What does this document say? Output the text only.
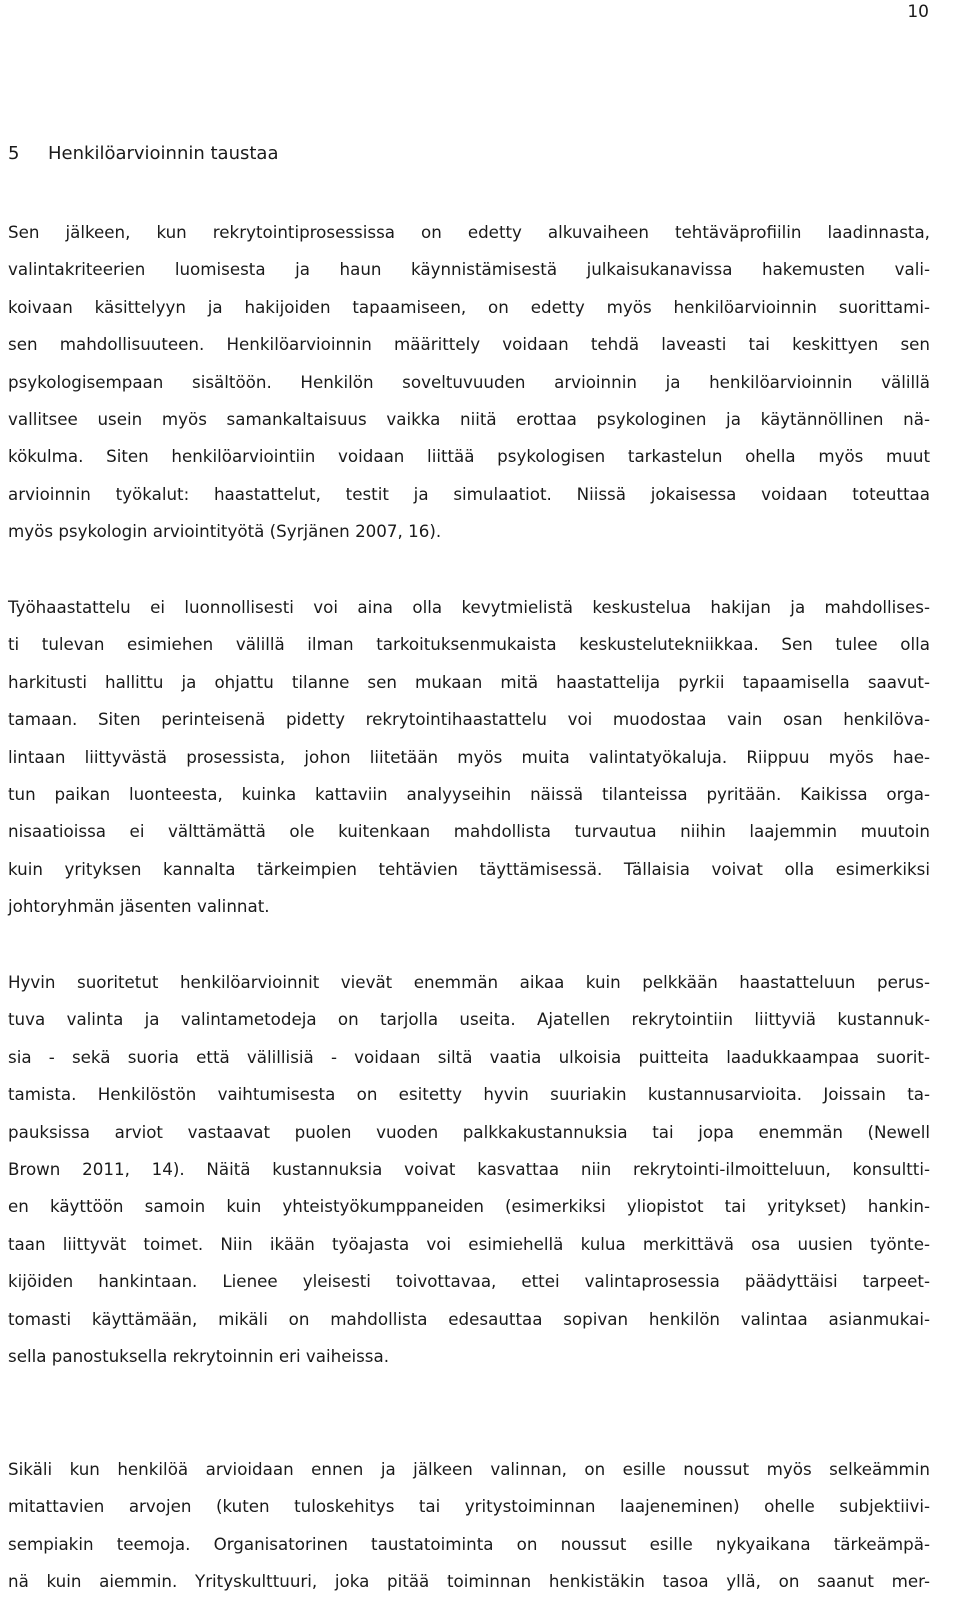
10
5 Henkilöarvioinnin taustaa

Sen jälkeen, kun rekrytointiprosessissa on edetty alkuvaiheen tehtäväprofiilin laadinnasta,
valintakriteerien luomisesta ja haun käynnistämisestä julkaisukanavissa hakemusten vali-
koivaan käsittelyyn ja hakijoiden tapaamiseen, on edetty myös henkilöarvioinnin suorittami-
sen mahdollisuuteen. Henkilöarvioinnin määrittely voidaan tehdä laveasti tai keskittyen sen
psykologisempaan sisältöön. Henkilön soveltuvuuden arvioinnin ja henkilöarvioinnin välillä
vallitsee usein myös samankaltaisuus vaikka niitä erottaa psykologinen ja käytännöllinen nä-
kökulma. Siten henkilöarviointiin voidaan liittää psykologisen tarkastelun ohella myös muut
arvioinnin työkalut: haastattelut, testit ja simulaatiot. Niissä jokaisessa voidaan toteuttaa
myös psykologin arviointityötä (Syrjänen 2007, 16).

Työhaastattelu ei luonnollisesti voi aina olla kevytmielistä keskustelua hakijan ja mahdollises-
ti tulevan esimiehen välillä ilman tarkoituksenmukaista keskustelutekniikkaa. Sen tulee olla
harkitusti hallittu ja ohjattu tilanne sen mukaan mitä haastattelija pyrkii tapaamisella saavut-
tamaan. Siten perinteisenä pidetty rekrytointihaastattelu voi muodostaa vain osan henkilöva-
lintaan liittyvästä prosessista, johon liitetään myös muita valintatyökaluja. Riippuu myös hae-
tun paikan luonteesta, kuinka kattaviin analyyseihin näissä tilanteissa pyritään. Kaikissa orga-
nisaatioissa ei välttämättä ole kuitenkaan mahdollista turvautua niihin laajemmin muutoin
kuin yrityksen kannalta tärkeimpien tehtävien täyttämisessä. Tällaisia voivat olla esimerkiksi
johtoryhmän jäsenten valinnat.

Hyvin suoritetut henkilöarvioinnit vievät enemmän aikaa kuin pelkkään haastatteluun perus-
tuva valinta ja valintametodeja on tarjolla useita. Ajatellen rekrytointiin liittyviä kustannuk-
sia - sekä suoria että välillisiä - voidaan siltä vaatia ulkoisia puitteita laadukkaampaa suorit-
tamista. Henkilöstön vaihtumisesta on esitetty hyvin suuriakin kustannusarvioita. Joissain ta-
pauksissa arviot vastaavat puolen vuoden palkkakustannuksia tai jopa enemmän (Newell
Brown 2011, 14). Näitä kustannuksia voivat kasvattaa niin rekrytointi-ilmoitteluun, konsultti-
en käyttöön samoin kuin yhteistyökumppaneiden (esimerkiksi yliopistot tai yritykset) hankin-
taan liittyvät toimet. Niin ikään työajasta voi esimiehellä kulua merkittävä osa uusien työnte-
kijöiden hankintaan. Lienee yleisesti toivottavaa, ettei valintaprosessia päädyttäisi tarpeet-
tomasti käyttämään, mikäli on mahdollista edesauttaa sopivan henkilön valintaa asianmukai-
sella panostuksella rekrytoinnin eri vaiheissa.

Sikäli kun henkilöä arvioidaan ennen ja jälkeen valinnan, on esille noussut myös selkeämmin
mitattavien arvojen (kuten tuloskehitys tai yritystoiminnan laajeneminen) ohelle subjektiivi-
sempiakin teemoja. Organisatorinen taustatoiminta on noussut esille nykyaikana tärkeämpä-
nä kuin aiemmin. Yrityskulttuuri, joka pitää toiminnan henkistäkin tasoa yllä, on saanut mer-
